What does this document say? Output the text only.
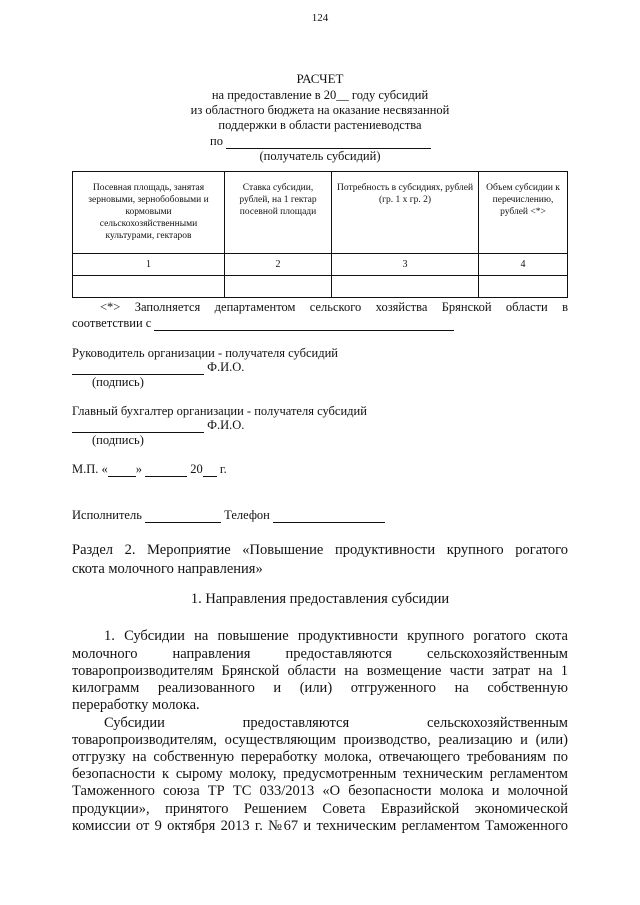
124
РАСЧЕТ
на предоставление в 20__ году субсидий
из областного бюджета на оказание несвязанной
поддержки в области растениеводства
по
(получатель субсидий)
Посевная площадь, занятая зерновыми, зернобобовыми и кормовыми сельскохозяйственными культурами, гектаров	Ставка субсидии, рублей, на 1 гектар посевной площади	Потребность в субсидиях, рублей (гр. 1 х гр. 2)	Объем субсидии к перечислению, рублей <*>
1	2	3	4

<*> Заполняется департаментом сельского хозяйства Брянской области в
соответствии с
Руководитель организации - получателя субсидий
Ф.И.О.
(подпись)
Главный бухгалтер организации - получателя субсидий
Ф.И.О.
(подпись)
М.П. « »	20 г.
Исполнитель	Телефон
Раздел 2. Мероприятие «Повышение продуктивности крупного рогатого
скота молочного направления»
1. Направления предоставления субсидии
1. Субсидии на повышение продуктивности крупного рогатого скота
молочного направления предоставляются сельскохозяйственным
товаропроизводителям Брянской области на возмещение части затрат на 1
килограмм реализованного и (или) отгруженного на собственную
переработку молока.
Субсидии предоставляются сельскохозяйственным
товаропроизводителям, осуществляющим производство, реализацию и (или)
отгрузку на собственную переработку молока, отвечающего требованиям по
безопасности к сырому молоку, предусмотренным техническим регламентом
Таможенного союза ТР ТС 033/2013 «О безопасности молока и молочной
продукции», принятого Решением Совета Евразийской экономической
комиссии от 9 октября 2013 г. №67 и техническим регламентом Таможенного
